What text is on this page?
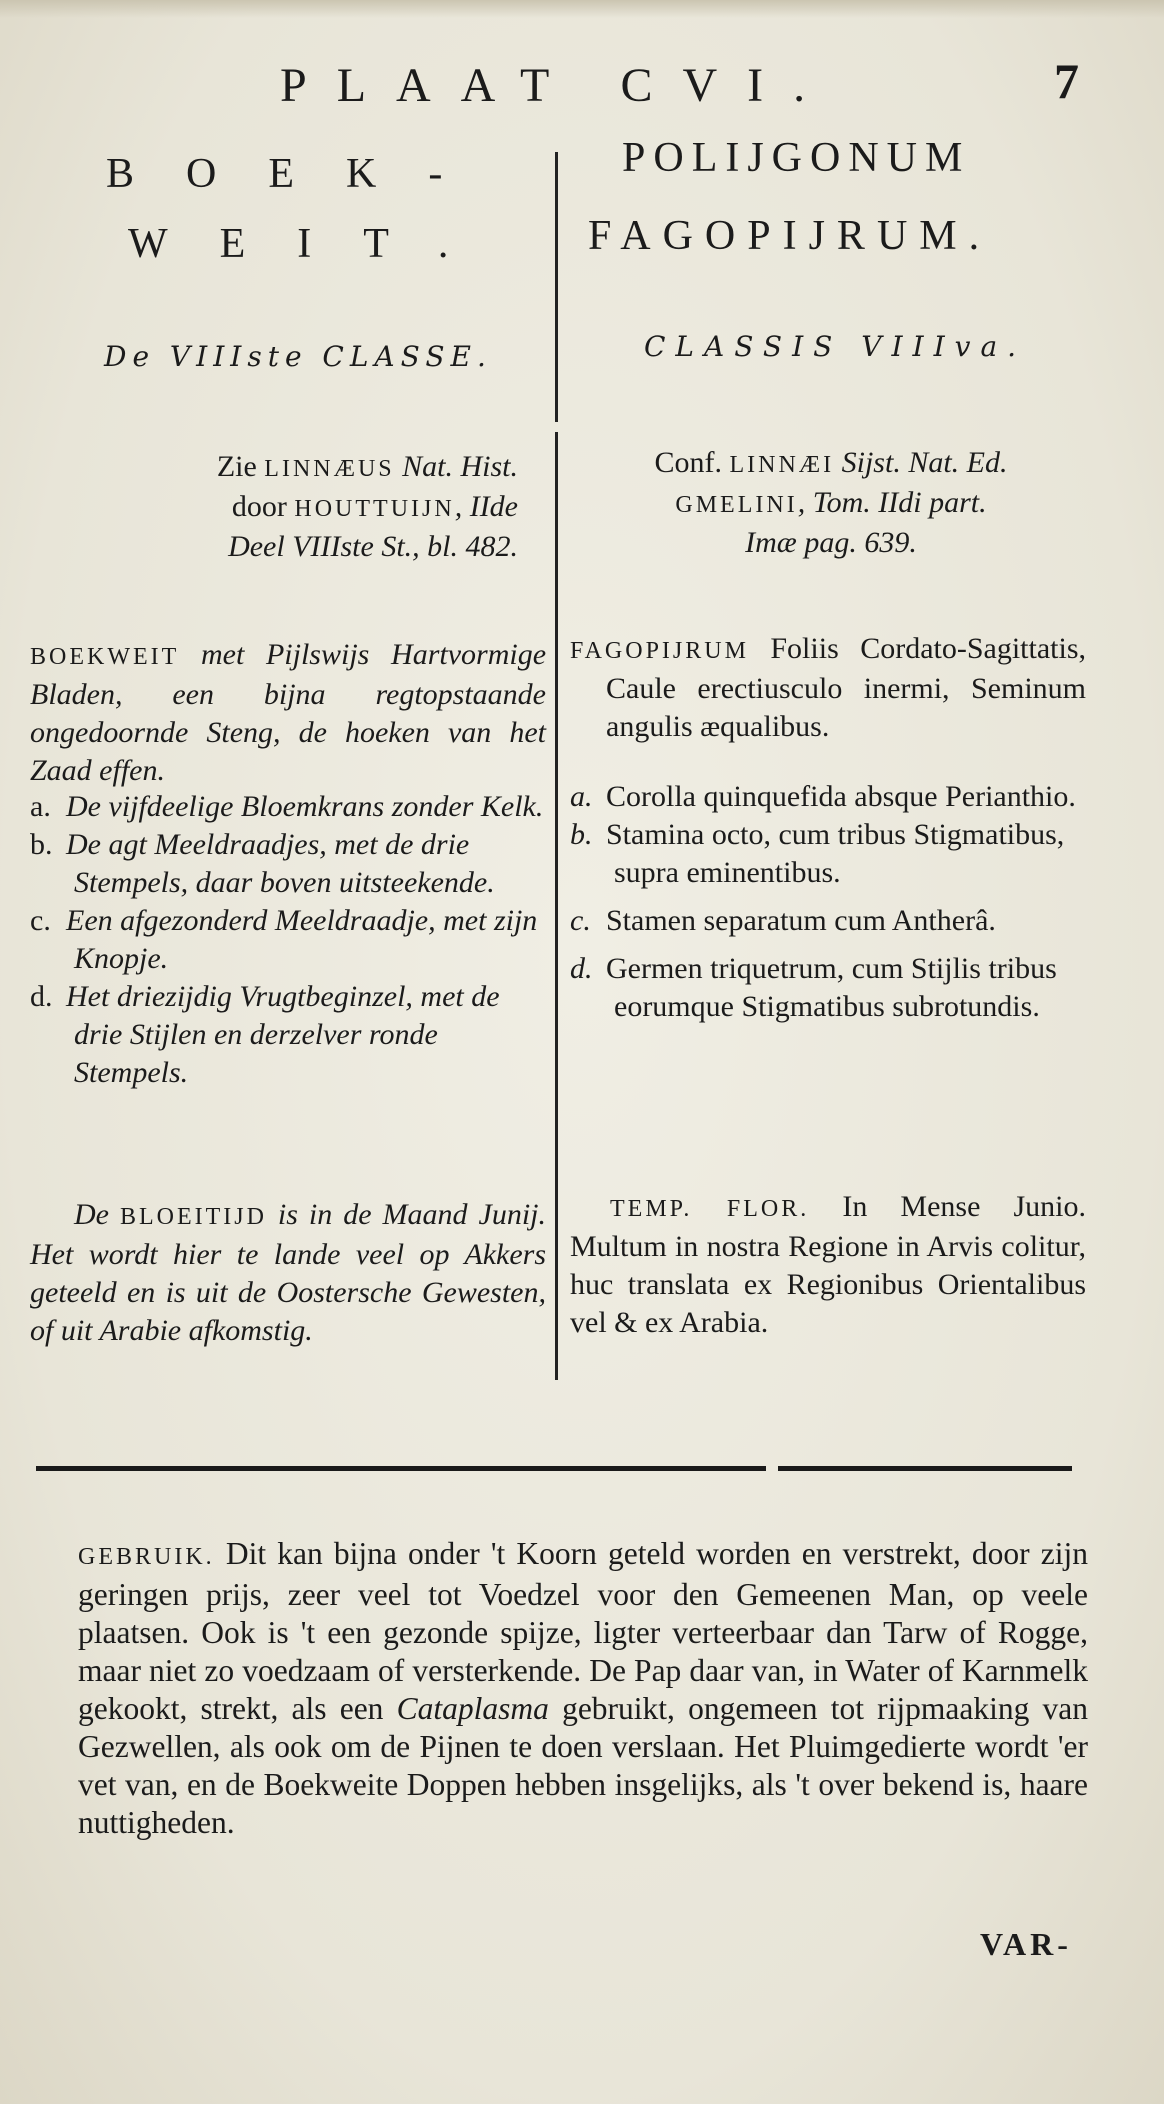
PLAAT CVI.	7
BOEK-
WEIT.
De VIIIste CLASSE.
Zie LINNÆUS Nat. Hist.
door HOUTTUIJN, IIde
Deel VIIIste St., bl. 482.
BOEKWEIT met Pijlswijs Hartvormige Bladen, een bijna regtopstaande ongedoornde Steng, de hoeken van het Zaad effen.
a. De vijfdeelige Bloemkrans zonder Kelk.
b. De agt Meeldraadjes, met de drie Stempels, daar boven uitsteekende.
c. Een afgezonderd Meeldraadje, met zijn Knopje.
d. Het driezijdig Vrugtbeginzel, met de drie Stijlen en derzelver ronde Stempels.
De BLOEITIJD is in de Maand Junij. Het wordt hier te lande veel op Akkers geteeld en is uit de Oostersche Gewesten, of uit Arabie afkomstig.
POLIJGONUM
FAGOPIJRUM.
CLASSIS VIIIva.
Conf. LINNÆI Sijst. Nat. Ed.
GMELINI, Tom. IIdi part.
Imæ pag. 639.
FAGOPIJRUM Foliis Cordato-Sagittatis, Caule erectiusculo inermi, Seminum angulis æqualibus.
a. Corolla quinquefida absque Perianthio.
b. Stamina octo, cum tribus Stigmatibus, supra eminentibus.
c. Stamen separatum cum Antherâ.
d. Germen triquetrum, cum Stijlis tribus eorumque Stigmatibus subrotundis.
TEMP. FLOR. In Mense Junio. Multum in nostra Regione in Arvis colitur, huc translata ex Regionibus Orientalibus vel & ex Arabia.
GEBRUIK. Dit kan bijna onder 't Koorn geteld worden en verstrekt, door zijn geringen prijs, zeer veel tot Voedzel voor den Gemeenen Man, op veele plaatsen. Ook is 't een gezonde spijze, ligter verteerbaar dan Tarw of Rogge, maar niet zo voedzaam of versterkende. De Pap daar van, in Water of Karnmelk gekookt, strekt, als een Cataplasma gebruikt, ongemeen tot rijpmaaking van Gezwellen, als ook om de Pijnen te doen verslaan. Het Pluimgedierte wordt 'er vet van, en de Boekweite Doppen hebben insgelijks, als 't over bekend is, haare nuttigheden.
VAR-
